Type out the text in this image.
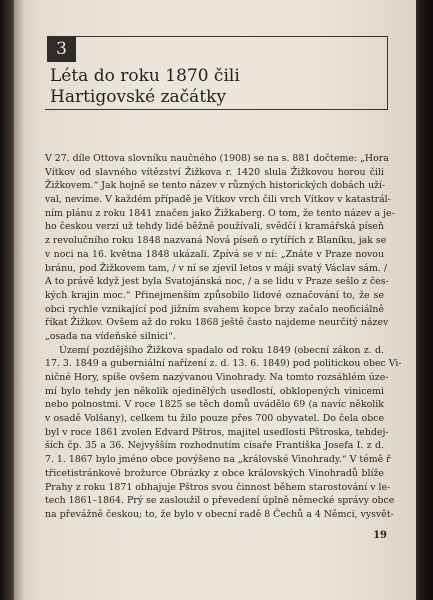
3
Léta do roku 1870 čili
Hartigovské začátky
V 27. díle Ottova slovníku naučného (1908) se na s. 881 dočteme: „Hora
Vítkov od slavného vítězství Žižkova r. 1420 slula Žižkovou horou čili
Žižkovem.“ Jak hojně se tento název v různých historických dobách uží-
val, nevíme. V každém případě je Vítkov vrch čili vrch Vítkov v katastrál-
ním plánu z roku 1841 značen jako Žižkaberg. O tom, že tento název a je-
ho českou verzi už tehdy lidé běžně používali, svědčí i kramářská píseň
z revolučního roku 1848 nazvaná Nová píseň o rytířích z Blaníku, jak se
v noci na 16. května 1848 ukázali. Zpívá se v ní: „Znáte v Praze novou
bránu, pod Žižkovem tam, / v ní se zjevil letos v máji svatý Václav sám. /
A to právě když jest byla Svatojánská noc, / a se lidu v Praze sešlo z čes-
kých krajin moc.“ Přinejmenším způsobilo lidové označování to, že se
obci rychle vznikající pod jižním svahem kopce brzy začalo neoficiálně
říkat Žižkov. Ovšem až do roku 1868 ještě často najdeme neurčitý název
„osada na vídeňské silnici“.
Území pozdějšího Žižkova spadalo od roku 1849 (obecní zákon z. d.
17. 3. 1849 a guberniální nařízení z. d. 13. 6. 1849) pod politickou obec Vi-
ničné Hory, spíše ovšem nazývanou Vinohrady. Na tomto rozsáhlém úze-
mí bylo tehdy jen několik ojedinělých usedlostí, obklopených vinicemi
nebo polnostmi. V roce 1825 se těch domů uvádělo 69 (a navíc několik
v osadě Volšany), celkem tu žilo pouze přes 700 obyvatel. Do čela obce
byl v roce 1861 zvolen Edvard Pštros, majitel usedlosti Pštroska, tehdej-
ších čp. 35 a 36. Nejvyšším rozhodnutím císaře Františka Josefa I. z d.
7. 1. 1867 bylo jméno obce povýšeno na „královské Vinohrady.“ V témě ř
třicetistránkové brožurce Obrázky z obce královských Vinohradů blíže
Prahy z roku 1871 obhajuje Pštros svou činnost během starostování v le-
tech 1861–1864. Prý se zasloužil o převedení úplně německé správy obce
na převážně českou; to, že bylo v obecní radě 8 Čechů a 4 Němci, vysvět-
19
